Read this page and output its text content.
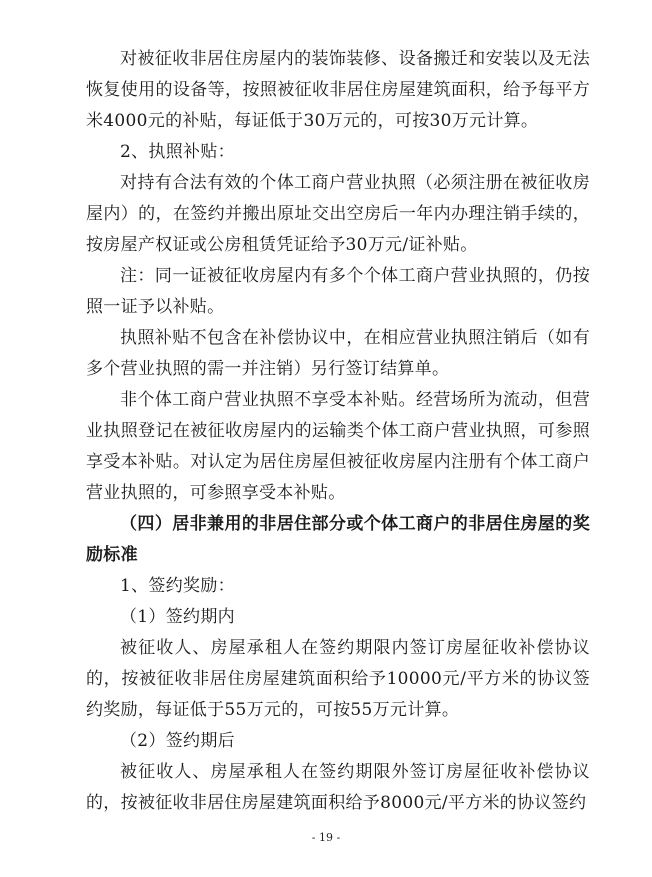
对被征收非居住房屋内的装饰装修、设备搬迁和安装以及无法恢复使用的设备等，按照被征收非居住房屋建筑面积，给予每平方米4000元的补贴，每证低于30万元的，可按30万元计算。

2、执照补贴：

对持有合法有效的个体工商户营业执照（必须注册在被征收房屋内）的，在签约并搬出原址交出空房后一年内办理注销手续的，按房屋产权证或公房租赁凭证给予30万元/证补贴。

注：同一证被征收房屋内有多个个体工商户营业执照的，仍按照一证予以补贴。

执照补贴不包含在补偿协议中，在相应营业执照注销后（如有多个营业执照的需一并注销）另行签订结算单。

非个体工商户营业执照不享受本补贴。经营场所为流动，但营业执照登记在被征收房屋内的运输类个体工商户营业执照，可参照享受本补贴。对认定为居住房屋但被征收房屋内注册有个体工商户营业执照的，可参照享受本补贴。

（四）居非兼用的非居住部分或个体工商户的非居住房屋的奖励标准

1、签约奖励：

（1）签约期内

被征收人、房屋承租人在签约期限内签订房屋征收补偿协议的，按被征收非居住房屋建筑面积给予10000元/平方米的协议签约奖励，每证低于55万元的，可按55万元计算。

（2）签约期后

被征收人、房屋承租人在签约期限外签订房屋征收补偿协议的，按被征收非居住房屋建筑面积给予8000元/平方米的协议签约

- 19 -
